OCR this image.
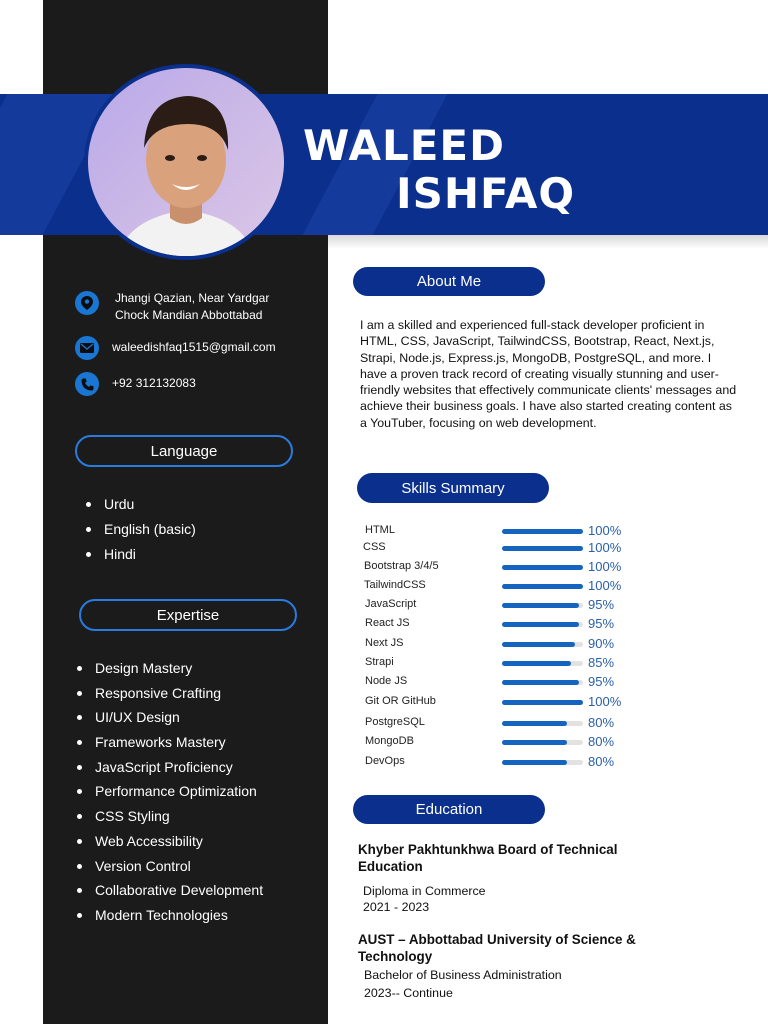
WALEED
ISHFAQ
Jhangi Qazian, Near Yardgar
Chock Mandian Abbottabad
waleedishfaq1515@gmail.com
+92 312132083
Language
Urdu
English (basic)
Hindi
Expertise
Design Mastery
Responsive Crafting
UI/UX Design
Frameworks Mastery
JavaScript Proficiency
Performance Optimization
CSS Styling
Web Accessibility
Version Control
Collaborative Development
Modern Technologies
About Me
I am a skilled and experienced full-stack developer proficient in HTML, CSS, JavaScript, TailwindCSS, Bootstrap, React, Next.js, Strapi, Node.js, Express.js, MongoDB, PostgreSQL, and more. I have a proven track record of creating visually stunning and user-friendly websites that effectively communicate clients' messages and achieve their business goals. I have also started creating content as a YouTuber, focusing on web development.
Skills Summary
HTML	100%
CSS	100%
Bootstrap 3/4/5	100%
TailwindCSS	100%
JavaScript	95%
React JS	95%
Next JS	90%
Strapi	85%
Node JS	95%
Git OR GitHub	100%
PostgreSQL	80%
MongoDB	80%
DevOps	80%
Education
Khyber Pakhtunkhwa Board of Technical Education
Diploma in Commerce
2021 - 2023
AUST – Abbottabad University of Science & Technology
Bachelor of Business Administration
2023-- Continue
